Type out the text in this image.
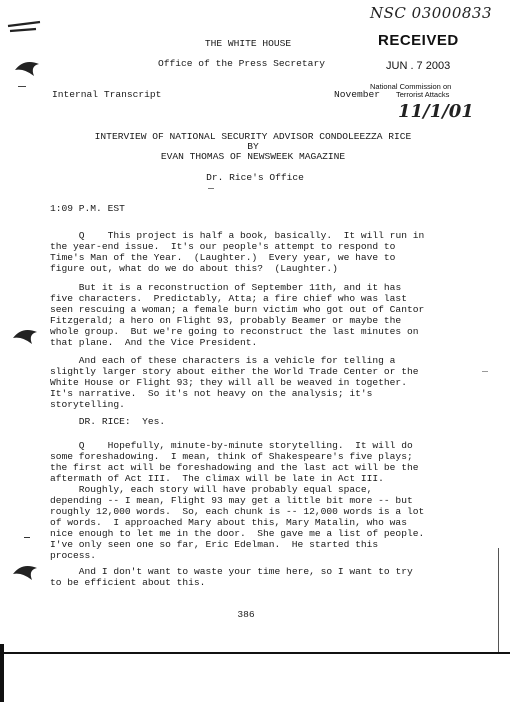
NSC 03000833
THE WHITE HOUSE
Office of the Press Secretary
RECEIVED
JUN . 7 2003
National Commission on
Terrorist Attacks
Internal Transcript	November
11/1/01
INTERVIEW OF NATIONAL SECURITY ADVISOR CONDOLEEZZA RICE
BY
EVAN THOMAS OF NEWSWEEK MAGAZINE
Dr. Rice's Office
1:09 P.M. EST
Q    This project is half a book, basically.  It will run in
the year-end issue.  It's our people's attempt to respond to
Time's Man of the Year.  (Laughter.)  Every year, we have to
figure out, what do we do about this?  (Laughter.)
But it is a reconstruction of September 11th, and it has
five characters.  Predictably, Atta; a fire chief who was last
seen rescuing a woman; a female burn victim who got out of Cantor
Fitzgerald; a hero on Flight 93, probably Beamer or maybe the
whole group.  But we're going to reconstruct the last minutes on
that plane.  And the Vice President.
And each of these characters is a vehicle for telling a
slightly larger story about either the World Trade Center or the
White House or Flight 93; they will all be weaved in together.
It's narrative.  So it's not heavy on the analysis; it's
storytelling.
DR. RICE:  Yes.
Q    Hopefully, minute-by-minute storytelling.  It will do
some foreshadowing.  I mean, think of Shakespeare's five plays;
the first act will be foreshadowing and the last act will be the
aftermath of Act III.  The climax will be late in Act III.
Roughly, each story will have probably equal space,
depending -- I mean, Flight 93 may get a little bit more -- but
roughly 12,000 words.  So, each chunk is -- 12,000 words is a lot
of words.  I approached Mary about this, Mary Matalin, who was
nice enough to let me in the door.  She gave me a list of people.
I've only seen one so far, Eric Edelman.  He started this
process.
And I don't want to waste your time here, so I want to try
to be efficient about this.
386
